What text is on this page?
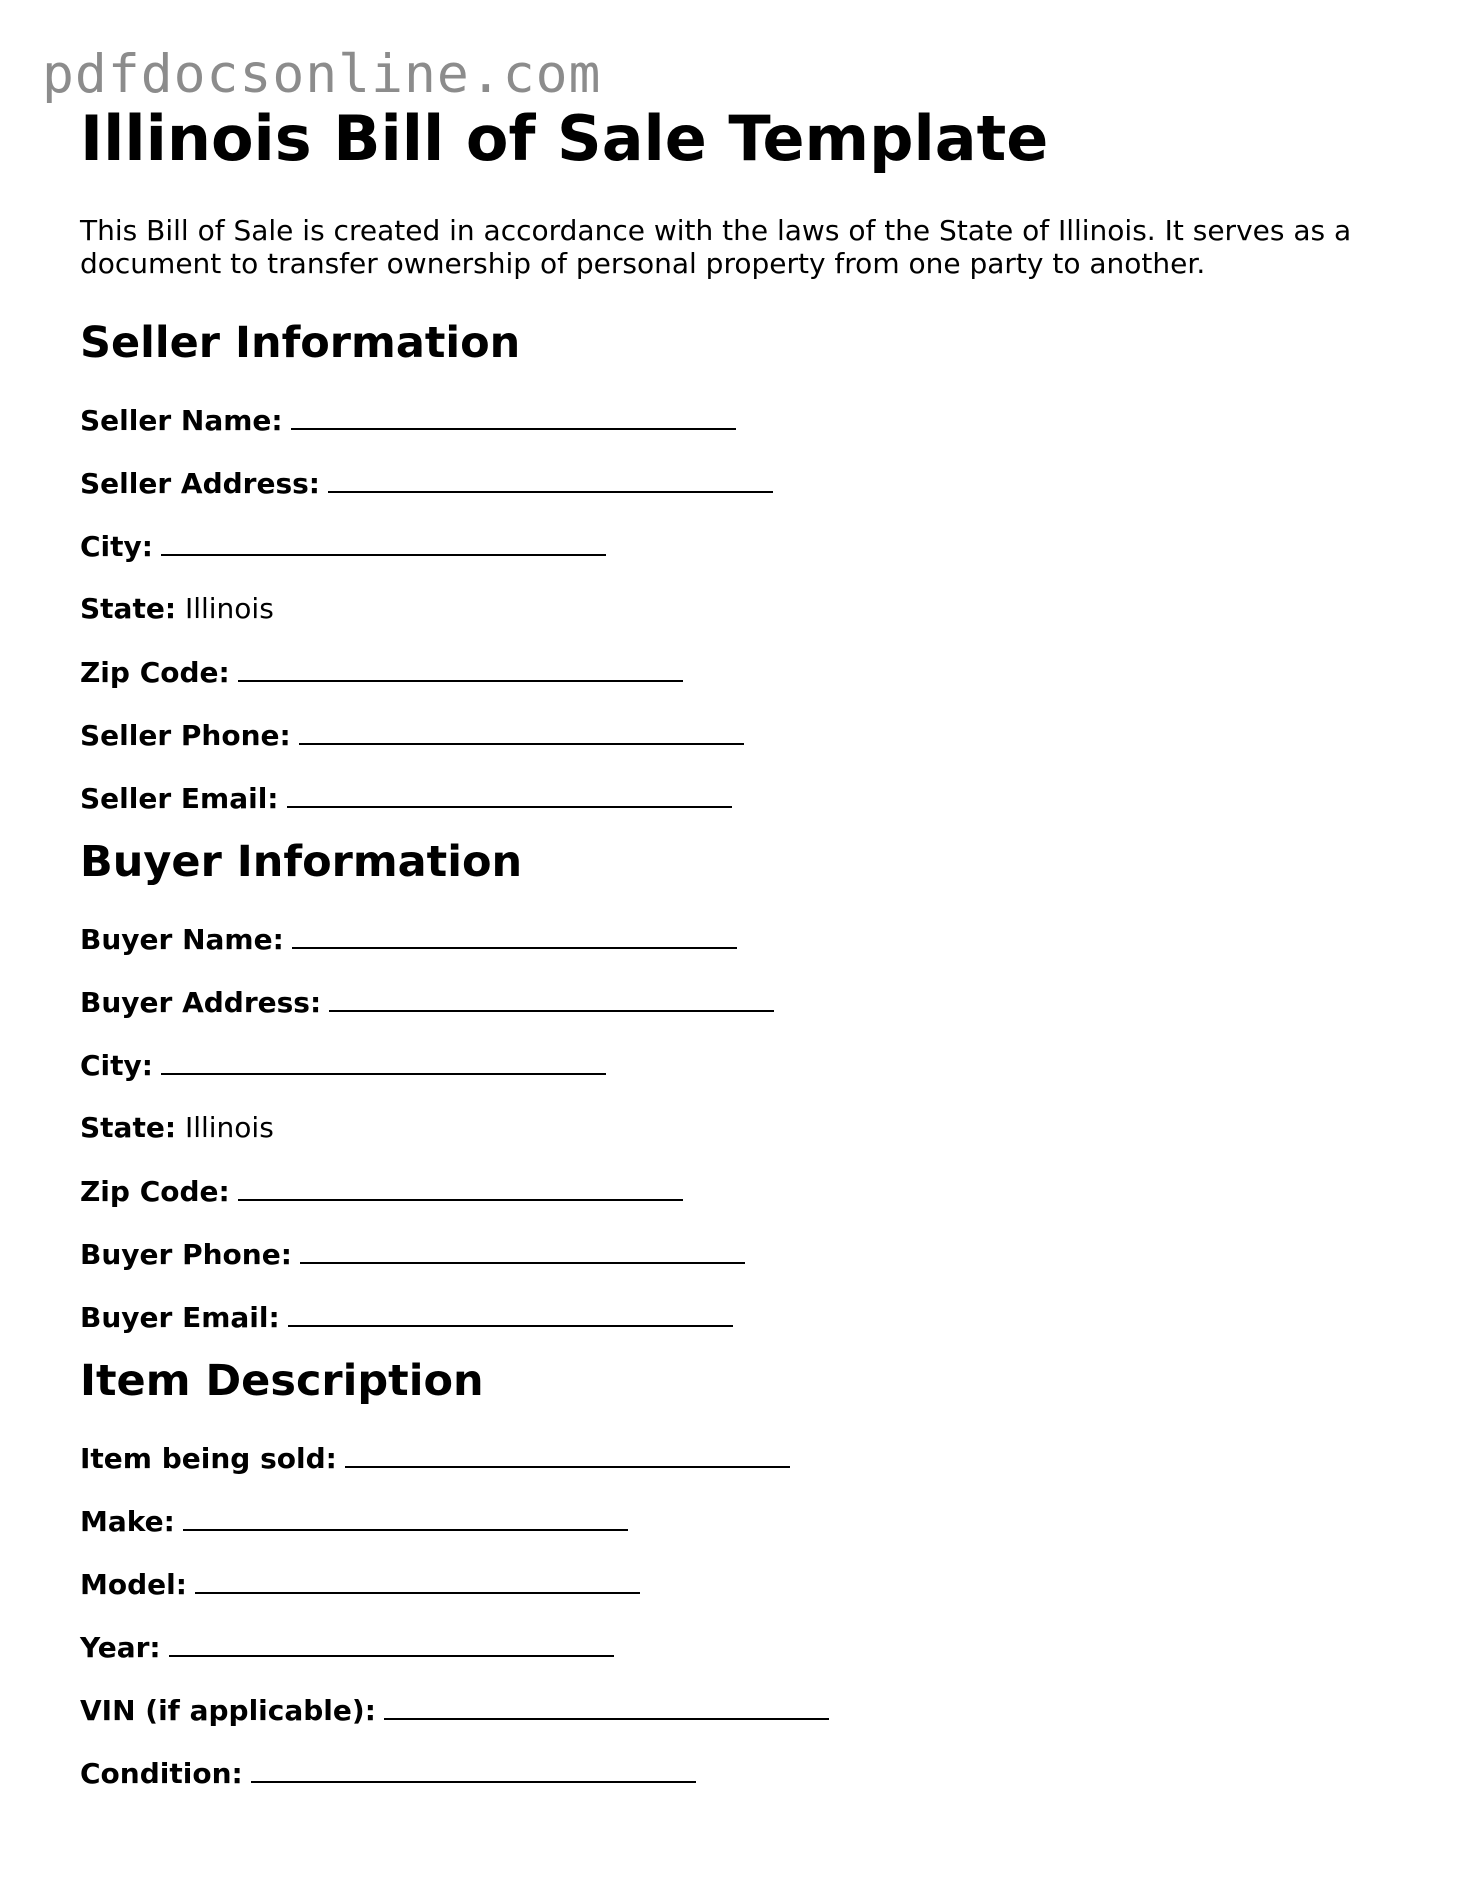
pdfdocsonline.com
Illinois Bill of Sale Template

This Bill of Sale is created in accordance with the laws of the State of Illinois. It serves as a document to transfer ownership of personal property from one party to another.

Seller Information
Seller Name:
Seller Address:
City:
State: Illinois
Zip Code:
Seller Phone:
Seller Email:
Buyer Information
Buyer Name:
Buyer Address:
City:
State: Illinois
Zip Code:
Buyer Phone:
Buyer Email:
Item Description
Item being sold:
Make:
Model:
Year:
VIN (if applicable):
Condition:
